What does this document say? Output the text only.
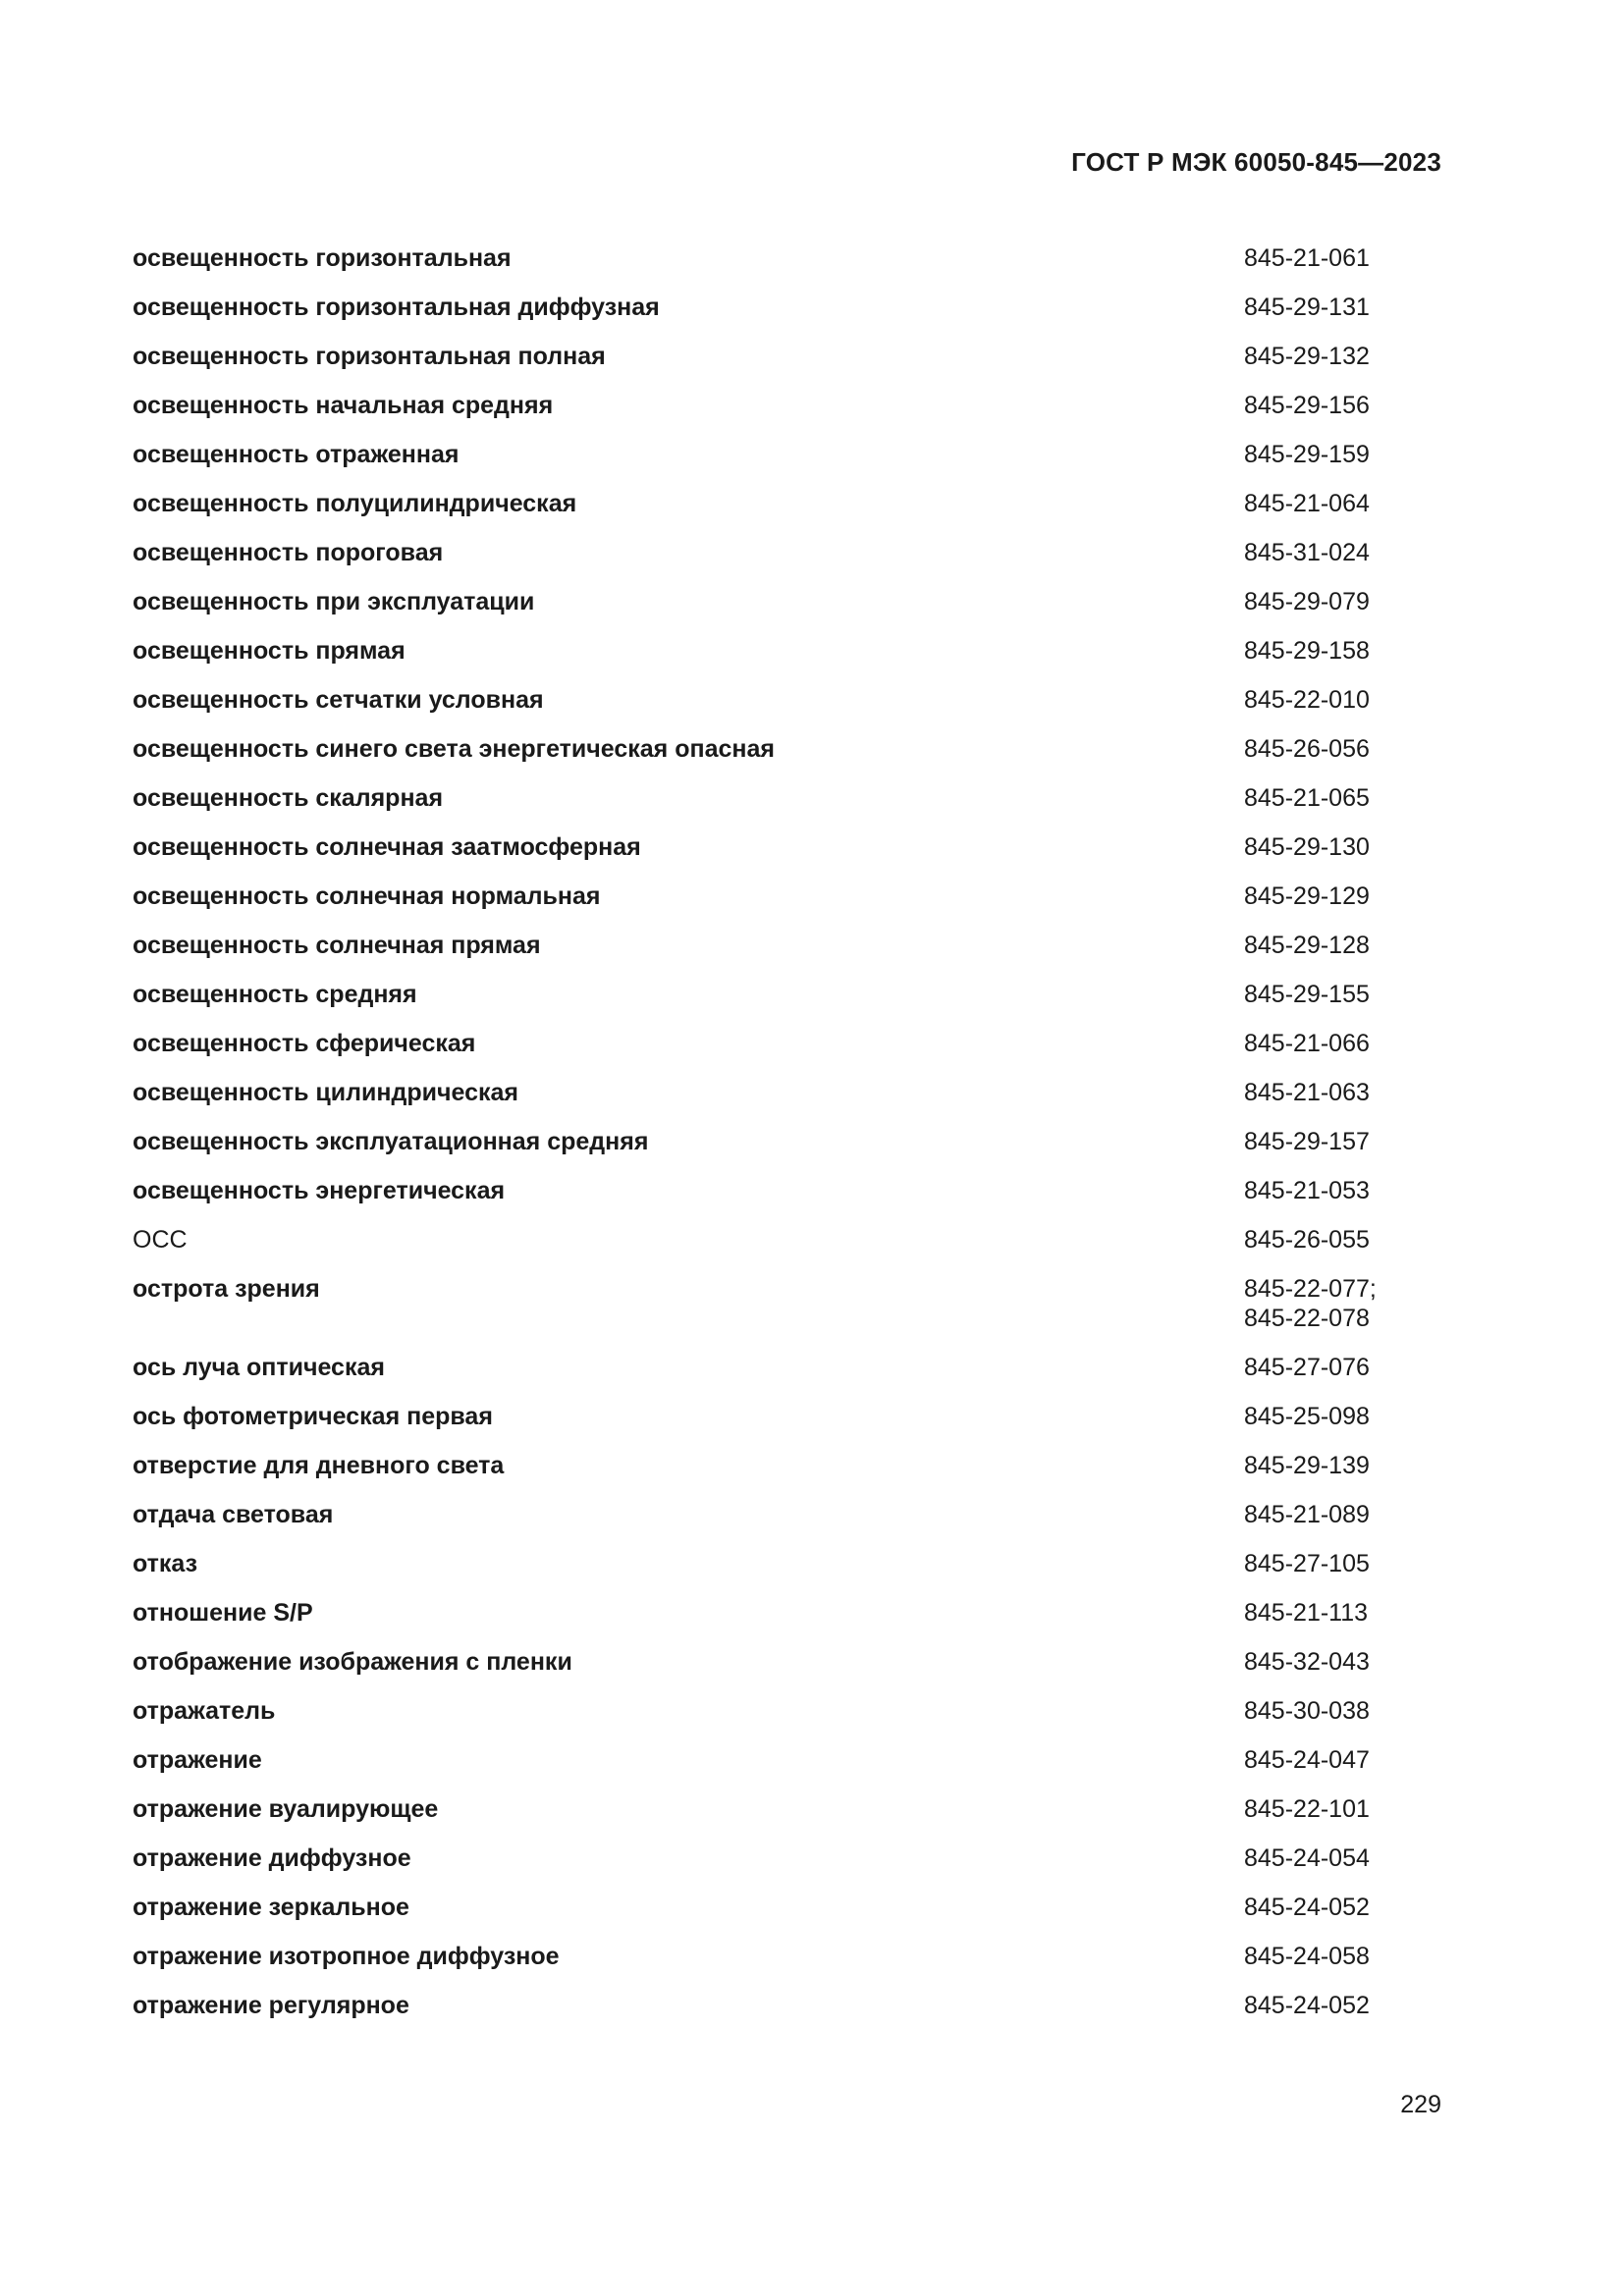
ГОСТ Р МЭК 60050-845—2023
освещенность горизонтальная	845-21-061
освещенность горизонтальная диффузная	845-29-131
освещенность горизонтальная полная	845-29-132
освещенность начальная средняя	845-29-156
освещенность отраженная	845-29-159
освещенность полуцилиндрическая	845-21-064
освещенность пороговая	845-31-024
освещенность при эксплуатации	845-29-079
освещенность прямая	845-29-158
освещенность сетчатки условная	845-22-010
освещенность синего света энергетическая опасная	845-26-056
освещенность скалярная	845-21-065
освещенность солнечная заатмосферная	845-29-130
освещенность солнечная нормальная	845-29-129
освещенность солнечная прямая	845-29-128
освещенность средняя	845-29-155
освещенность сферическая	845-21-066
освещенность цилиндрическая	845-21-063
освещенность эксплуатационная средняя	845-29-157
освещенность энергетическая	845-21-053
ОСС	845-26-055
острота зрения	845-22-077;
845-22-078
ось луча оптическая	845-27-076
ось фотометрическая первая	845-25-098
отверстие для дневного света	845-29-139
отдача световая	845-21-089
отказ	845-27-105
отношение S/P	845-21-113
отображение изображения с пленки	845-32-043
отражатель	845-30-038
отражение	845-24-047
отражение вуалирующее	845-22-101
отражение диффузное	845-24-054
отражение зеркальное	845-24-052
отражение изотропное диффузное	845-24-058
отражение регулярное	845-24-052
229
